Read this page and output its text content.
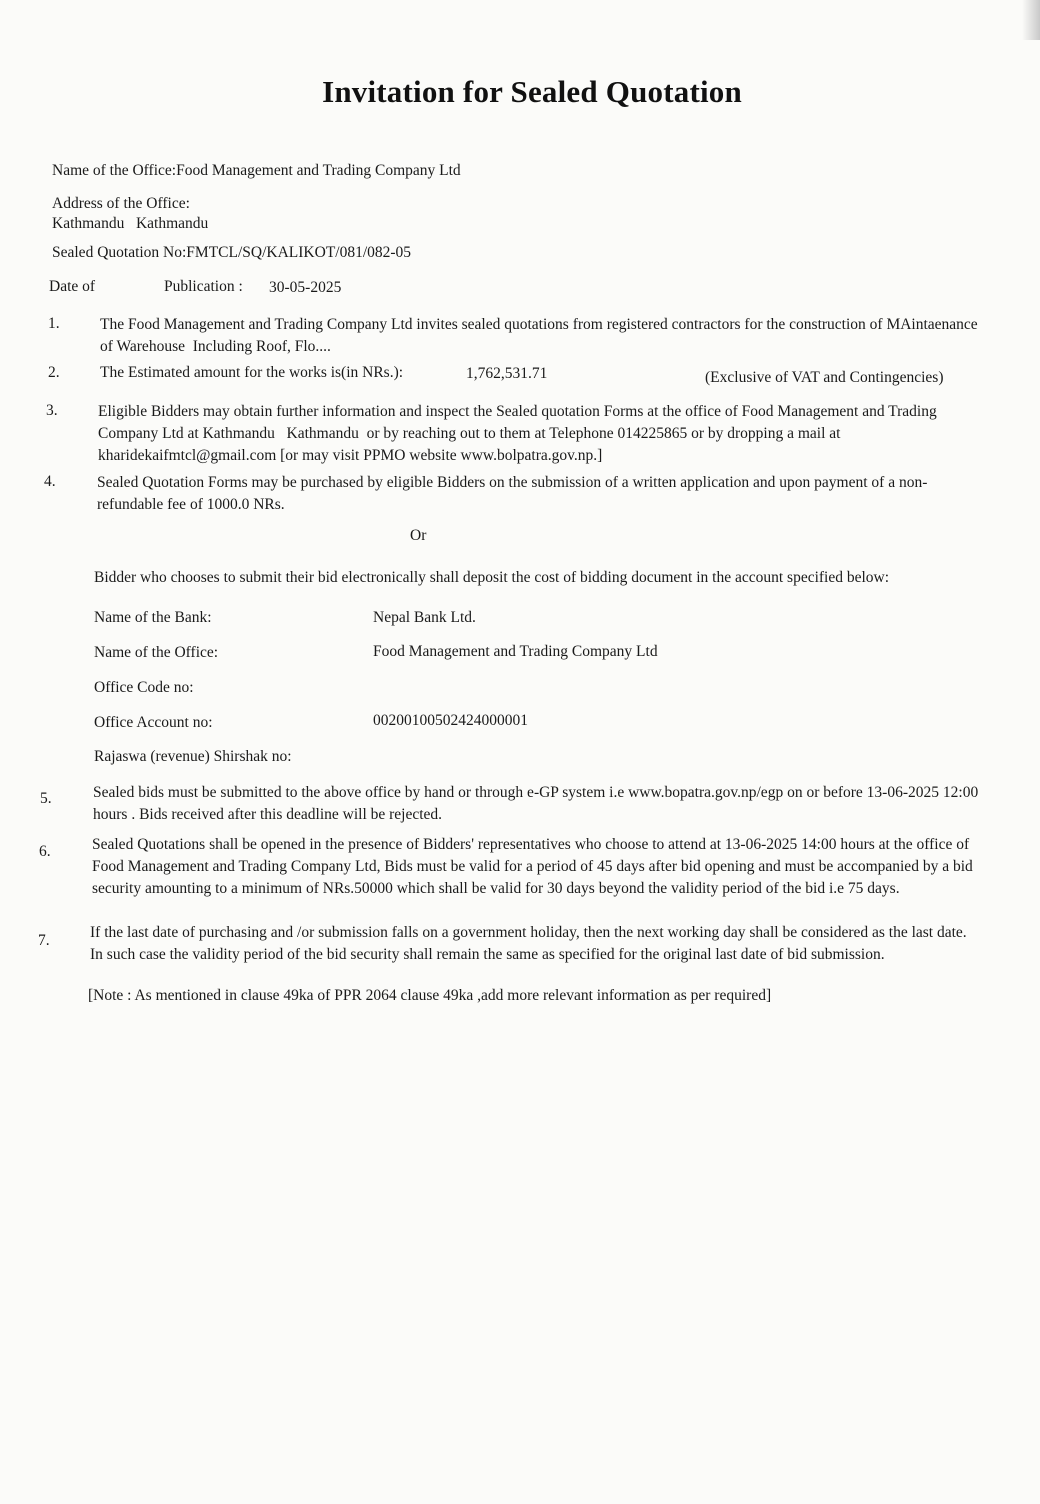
Invitation for Sealed Quotation
Name of the Office:Food Management and Trading Company Ltd
Address of the Office:
Kathmandu   Kathmandu
Sealed Quotation No:FMTCL/SQ/KALIKOT/081/082-05
Date of	Publication : 30-05-2025
1.	The Food Management and Trading Company Ltd invites sealed quotations from registered contractors for the construction of MAintaenance of Warehouse  Including Roof, Flo....
2.	The Estimated amount for the works is(in NRs.):	1,762,531.71	(Exclusive of VAT and Contingencies)
3.	Eligible Bidders may obtain further information and inspect the Sealed quotation Forms at the office of Food Management and Trading Company Ltd at Kathmandu   Kathmandu  or by reaching out to them at Telephone 014225865 or by dropping a mail at kharidekaifmtcl@gmail.com [or may visit PPMO website www.bolpatra.gov.np.]
4.	Sealed Quotation Forms may be purchased by eligible Bidders on the submission of a written application and upon payment of a non-refundable fee of 1000.0 NRs.
Or
Bidder who chooses to submit their bid electronically shall deposit the cost of bidding document in the account specified below:
Name of the Bank:	Nepal Bank Ltd.
Name of the Office:	Food Management and Trading Company Ltd
Office Code no:
Office Account no:	00200100502424000001
Rajaswa (revenue) Shirshak no:
5.	Sealed bids must be submitted to the above office by hand or through e-GP system i.e www.bopatra.gov.np/egp on or before 13-06-2025 12:00 hours . Bids received after this deadline will be rejected.
6.	Sealed Quotations shall be opened in the presence of Bidders' representatives who choose to attend at 13-06-2025 14:00 hours at the office of Food Management and Trading Company Ltd, Bids must be valid for a period of 45 days after bid opening and must be accompanied by a bid security amounting to a minimum of NRs.50000 which shall be valid for 30 days beyond the validity period of the bid i.e 75 days.
7.	If the last date of purchasing and /or submission falls on a government holiday, then the next working day shall be considered as the last date. In such case the validity period of the bid security shall remain the same as specified for the original last date of bid submission.
[Note : As mentioned in clause 49ka of PPR 2064 clause 49ka ,add more relevant information as per required]
